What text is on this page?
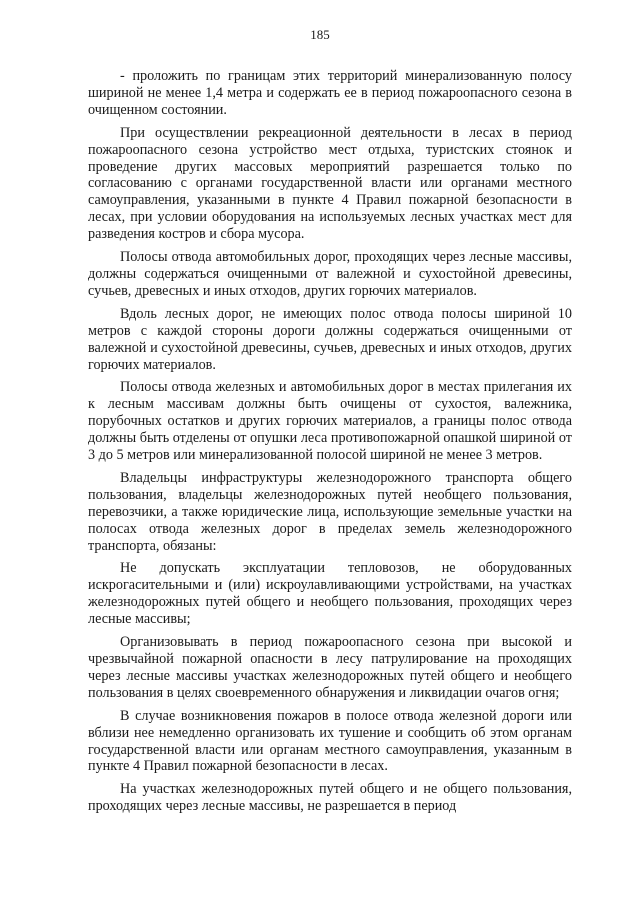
185

- проложить по границам этих территорий минерализованную полосу шириной не менее 1,4 метра и содержать ее в период пожароопасного сезона в очищенном состоянии.

При осуществлении рекреационной деятельности в лесах в период пожароопасного сезона устройство мест отдыха, туристских стоянок и проведение других массовых мероприятий разрешается только по согласованию с органами государственной власти или органами местного самоуправления, указанными в пункте 4 Правил пожарной безопасности в лесах, при условии оборудования на используемых лесных участках мест для разведения костров и сбора мусора.

Полосы отвода автомобильных дорог, проходящих через лесные массивы, должны содержаться очищенными от валежной и сухостойной древесины, сучьев, древесных и иных отходов, других горючих материалов.

Вдоль лесных дорог, не имеющих полос отвода полосы шириной 10 метров с каждой стороны дороги должны содержаться очищенными от валежной и сухостойной древесины, сучьев, древесных и иных отходов, других горючих материалов.

Полосы отвода железных и автомобильных дорог в местах прилегания их к лесным массивам должны быть очищены от сухостоя, валежника, порубочных остатков и других горючих материалов, а границы полос отвода должны быть отделены от опушки леса противопожарной опашкой шириной от 3 до 5 метров или минерализованной полосой шириной не менее 3 метров.

Владельцы инфраструктуры железнодорожного транспорта общего пользования, владельцы железнодорожных путей необщего пользования, перевозчики, а также юридические лица, использующие земельные участки на полосах отвода железных дорог в пределах земель железнодорожного транспорта, обязаны:

Не допускать эксплуатации тепловозов, не оборудованных искрогасительными и (или) искроулавливающими устройствами, на участках железнодорожных путей общего и необщего пользования, проходящих через лесные массивы;

Организовывать в период пожароопасного сезона при высокой и чрезвычайной пожарной опасности в лесу патрулирование на проходящих через лесные массивы участках железнодорожных путей общего и необщего пользования в целях своевременного обнаружения и ликвидации очагов огня;

В случае возникновения пожаров в полосе отвода железной дороги или вблизи нее немедленно организовать их тушение и сообщить об этом органам государственной власти или органам местного самоуправления, указанным в пункте 4 Правил пожарной безопасности в лесах.

На участках железнодорожных путей общего и не общего пользования, проходящих через лесные массивы, не разрешается в период
